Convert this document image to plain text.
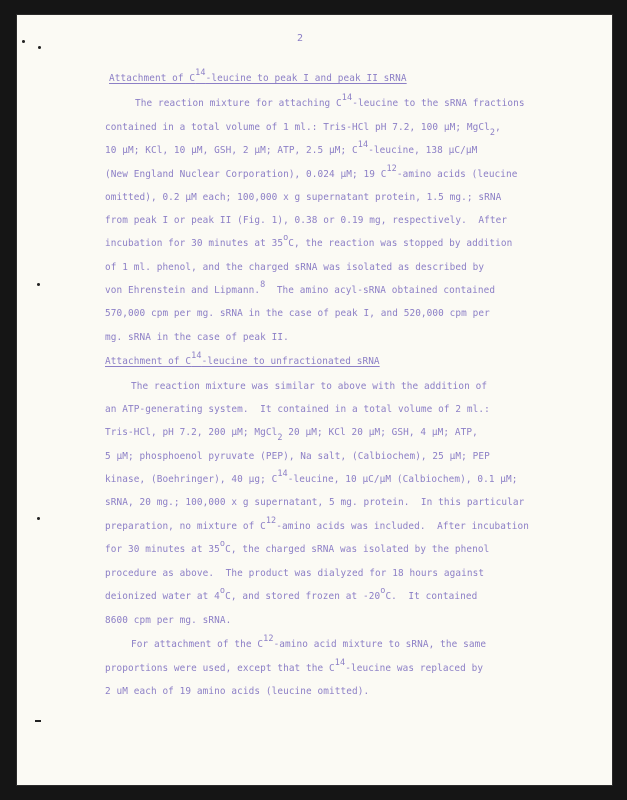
2
Attachment of C14-leucine to peak I and peak II sRNA
The reaction mixture for attaching C14-leucine to the sRNA fractions
contained in a total volume of 1 ml.: Tris-HCl pH 7.2, 100 µM; MgCl2,
10 µM; KCl, 10 µM, GSH, 2 µM; ATP, 2.5 µM; C14-leucine, 138 µC/µM
(New England Nuclear Corporation), 0.024 µM; 19 C12-amino acids (leucine
omitted), 0.2 µM each; 100,000 x g supernatant protein, 1.5 mg.; sRNA
from peak I or peak II (Fig. 1), 0.38 or 0.19 mg, respectively.  After
incubation for 30 minutes at 35oC, the reaction was stopped by addition
of 1 ml. phenol, and the charged sRNA was isolated as described by
von Ehrenstein and Lipmann.8  The amino acyl-sRNA obtained contained
570,000 cpm per mg. sRNA in the case of peak I, and 520,000 cpm per
mg. sRNA in the case of peak II.
Attachment of C14-leucine to unfractionated sRNA
The reaction mixture was similar to above with the addition of
an ATP-generating system.  It contained in a total volume of 2 ml.:
Tris-HCl, pH 7.2, 200 µM; MgCl2 20 µM; KCl 20 µM; GSH, 4 µM; ATP,
5 µM; phosphoenol pyruvate (PEP), Na salt, (Calbiochem), 25 µM; PEP
kinase, (Boehringer), 40 µg; C14-leucine, 10 µC/µM (Calbiochem), 0.1 µM;
sRNA, 20 mg.; 100,000 x g supernatant, 5 mg. protein.  In this particular
preparation, no mixture of C12-amino acids was included.  After incubation
for 30 minutes at 35oC, the charged sRNA was isolated by the phenol
procedure as above.  The product was dialyzed for 18 hours against
deionized water at 4oC, and stored frozen at -20oC.  It contained
8600 cpm per mg. sRNA.
For attachment of the C12-amino acid mixture to sRNA, the same
proportions were used, except that the C14-leucine was replaced by
2 uM each of 19 amino acids (leucine omitted).
